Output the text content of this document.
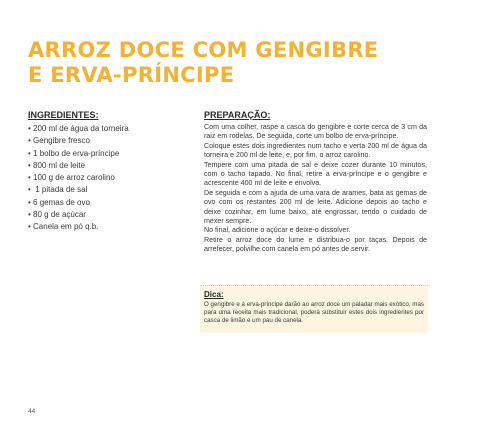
ARROZ DOCE COM GENGIBRE
E ERVA-PRÍNCIPE
INGREDIENTES:
• 200 ml de água da torneira
• Gengibre fresco
• 1 bolbo de erva-príncipe
• 800 ml de leite
• 100 g de arroz carolino
•  1 pitada de sal
• 6 gemas de ovo
• 80 g de açúcar
• Canela em pó q.b.
PREPARAÇÃO:

Com uma colher, raspe a casca do gengibre e corte cerca de 3 cm da raiz em rodelas. De seguida, corte um bolbo de erva-príncipe.

Coloque estes dois ingredientes num tacho e verta 200 ml de água da torneira e 200 ml de leite, e, por fim, o arroz carolino.

Tempere com uma pitada de sal e deixe cozer durante 10 minutos, com o tacho tapado. No final, retire a erva-príncipe e o gengibre e acrescente 400 ml de leite e envolva.

De seguida e com a ajuda de uma vara de arames, bata as gemas de ovo com os restantes 200 ml de leite. Adicione depois ao tacho e deixe cozinhar, em lume baixo, até engrossar, tendo o cuidado de mexer sempre.

No final, adicione o açúcar e deixe-o dissolver.

Retire o arroz doce do lume e distribua-o por taças. Depois de arrefecer, polvilhe com canela em pó antes de servir.

Dica:

O gengibre e a erva-príncipe darão ao arroz doce um paladar mais exótico, mas para uma receita mais tradicional, poderá substituir estes dois ingredientes por casca de limão e um pau de canela.

44
